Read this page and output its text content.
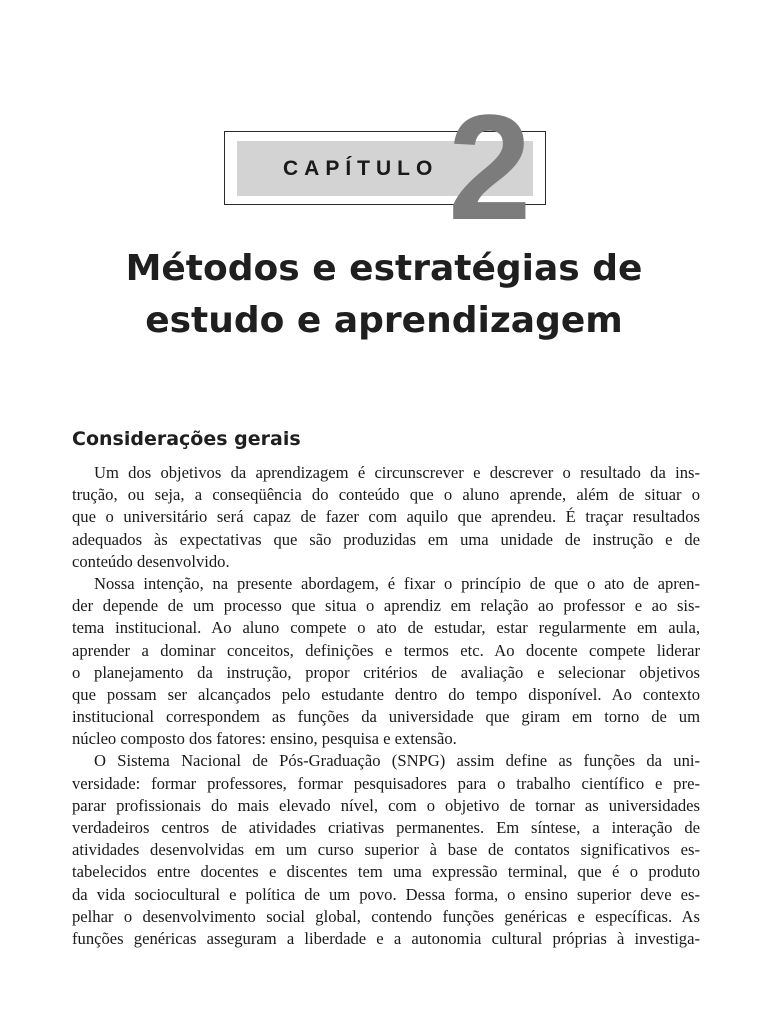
CAPÍTULO 2
Métodos e estratégias de
estudo e aprendizagem
Considerações gerais
Um dos objetivos da aprendizagem é circunscrever e descrever o resultado da ins-
trução, ou seja, a conseqüência do conteúdo que o aluno aprende, além de situar o
que o universitário será capaz de fazer com aquilo que aprendeu. É traçar resultados
adequados às expectativas que são produzidas em uma unidade de instrução e de
conteúdo desenvolvido.
Nossa intenção, na presente abordagem, é fixar o princípio de que o ato de apren-
der depende de um processo que situa o aprendiz em relação ao professor e ao sis-
tema institucional. Ao aluno compete o ato de estudar, estar regularmente em aula,
aprender a dominar conceitos, definições e termos etc. Ao docente compete liderar
o planejamento da instrução, propor critérios de avaliação e selecionar objetivos
que possam ser alcançados pelo estudante dentro do tempo disponível. Ao contexto
institucional correspondem as funções da universidade que giram em torno de um
núcleo composto dos fatores: ensino, pesquisa e extensão.
O Sistema Nacional de Pós-Graduação (SNPG) assim define as funções da uni-
versidade: formar professores, formar pesquisadores para o trabalho científico e pre-
parar profissionais do mais elevado nível, com o objetivo de tornar as universidades
verdadeiros centros de atividades criativas permanentes. Em síntese, a interação de
atividades desenvolvidas em um curso superior à base de contatos significativos es-
tabelecidos entre docentes e discentes tem uma expressão terminal, que é o produto
da vida sociocultural e política de um povo. Dessa forma, o ensino superior deve es-
pelhar o desenvolvimento social global, contendo funções genéricas e específicas. As
funções genéricas asseguram a liberdade e a autonomia cultural próprias à investiga-
